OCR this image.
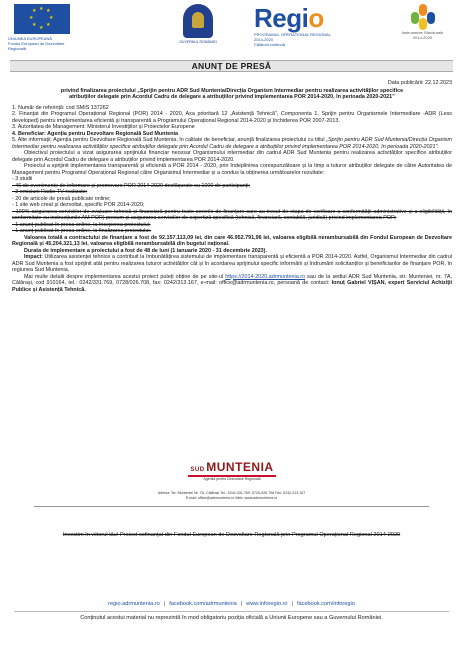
★ ★
★
★
★
★
★
★
UNIUNEA EUROPEANĂ
Fondul European de Dezvoltare Regională
GUVERNUL ROMÂNIEI
Regio
PROGRAMUL OPERAȚIONAL REGIONAL 2014-2020
Călătorii continuă
Instrumente Structurale
2014-2020
ANUNȚ DE PRESĂ
Data publicării: 22.12.2023
privind finalizarea proiectului „Sprijin pentru ADR Sud Muntenia/Direcția Organism Intermediar pentru realizarea activităților specifice atribuțiilor delegate prin Acordul Cadru de delegare a atribuțiilor privind implementarea POR 2014-2020, în perioada 2020-2021”
1. Număr de referință: cod SMIS 137262
2. Finanțat din Programul Operațional Regional (POR) 2014 - 2020, Axa prioritară 12 „Asistență Tehnică”, Componenta 1, Sprijin pentru Organismele Intermediare -ADR (Less developed) pentru implementarea eficientă și transparentă a Programului Operațional Regional 2014-2020 și închiderea POR 2007-2013.
3. Autoritatea de Management: Ministerul Investițiilor și Proiectelor Europene
4. Beneficiar: Agenția pentru Dezvoltare Regională Sud Muntenia
5. Alte informații: Agenția pentru Dezvoltare Regională Sud Muntenia, în calitate de beneficiar, anunță finalizarea proiectului cu titlul „Sprijin pentru ADR Sud Muntenia/Direcția Organism Intermediar pentru realizarea activităților specifice atribuțiilor delegate prin Acordul Cadru de delegare a atribuțiilor privind implementarea POR 2014-2020, în perioada 2020-2021”.
Obiectivul proiectului a vizat asigurarea sprijinului financiar necesar Organismului intermediar din cadrul ADR Sud Muntenia pentru realizarea activităților specifice atribuțiilor delegate prin Acordul Cadru de delegare a atribuțiilor privind implementarea POR 2014-2020.
Proiectul a sprijinit implementarea transparentă și eficientă a POR 2014 - 2020, prin îndeplinirea corespunzătoare și la timp a tuturor atribuțiilor delegate de către Autoritatea de Management pentru Programul Operațional Regional către Organismul Intermediar și a condus la obținerea următoarelor rezultate:
- 3 studii
- 46 de evenimente de informare și promovare POR 2014-2020 desfășurate cu 1000 de participanți;
- 3 emisiuni Radio-TV realizate;
- 20 de articole de presă publicate online;
- 1 site web creat și dezvoltat, specific POR 2014-2020;
- 100% asigurarea serviciilor de evaluare tehnică și financiară pentru toate cererile de finanțare care au trecut de etapa de verificare a conformității administrative și a eligibilității, în conformitate cu instrucțiunile AM POR) precum și asigurarea serviciilor de expertiză specifică (tehnică, financiară, contabilă, juridică) privind implementarea POR;
- 1 anunț publicat în presa online, la începerea proiectului;
- 1 anunț publicat în presa online, la finalizarea proiectului.
Valoarea totală a contractului de finanțare a fost de 92.157.113,09 lei, din care 46.952.791,96 lei, valoarea eligibilă nerambursabilă din Fondul European de Dezvoltare Regională și 45.204.321,13 lei, valoarea eligibilă nerambursabilă din bugetul național.
Durata de implementare a proiectului a fost de 48 de luni (1 ianuarie 2020 - 31 decembrie 2023).
Impact: Utilizarea asistenței tehnice a contribuit la îmbunătățirea sistemului de implementare transparentă și eficientă a POR 2014-2020. Astfel, Organismul Intermediar din cadrul ADR Sud Muntenia a fost sprijinit atât pentru realizarea tuturor activităților cât și în acordarea sprijinului specific informării și îndrumării solicitanților și beneficiarilor de finanțare POR, în regiunea Sud Muntenia.
Mai multe detalii despre implementarea acestui proiect puteți obține de pe site-ul https://2014-2020.adrmuntenia.ro sau de la sediul ADR Sud Muntenia, str. Muntenieі, nr. 7A, Călărași, cod 910164, tel.: 0242/331.769, 0728/026.708, fax: 0242/313.167, e-mail: office@adrmuntenia.ro, persoană de contact: Ionuț Gabriel VIȘAN, expert Serviciul Achiziții Publice și Asistență Tehnică.
SUD MUNTENIA
Agenția pentru Dezvoltare Regională
Adresa: Str. Muntenieі Nr. 7A, Călărași Tel.: 0242-331.769, 0728-026.708 Fax: 0242-313.167
E-mail: office@adrmuntenia.ro Web: www.adrmuntenia.ro
Investim în viitorul tău! Proiect cofinanțat din Fondul European de Dezvoltare Regională prin Programul Operațional Regional 2014-2020
regio.adrmuntenia.ro | facebook.com/adrmuntenia | www.inforegio.ro | facebook.com/inforegio
Conținutul acestui material nu reprezintă în mod obligatoriu poziția oficială a Uniunii Europene sau a Guvernului României.
